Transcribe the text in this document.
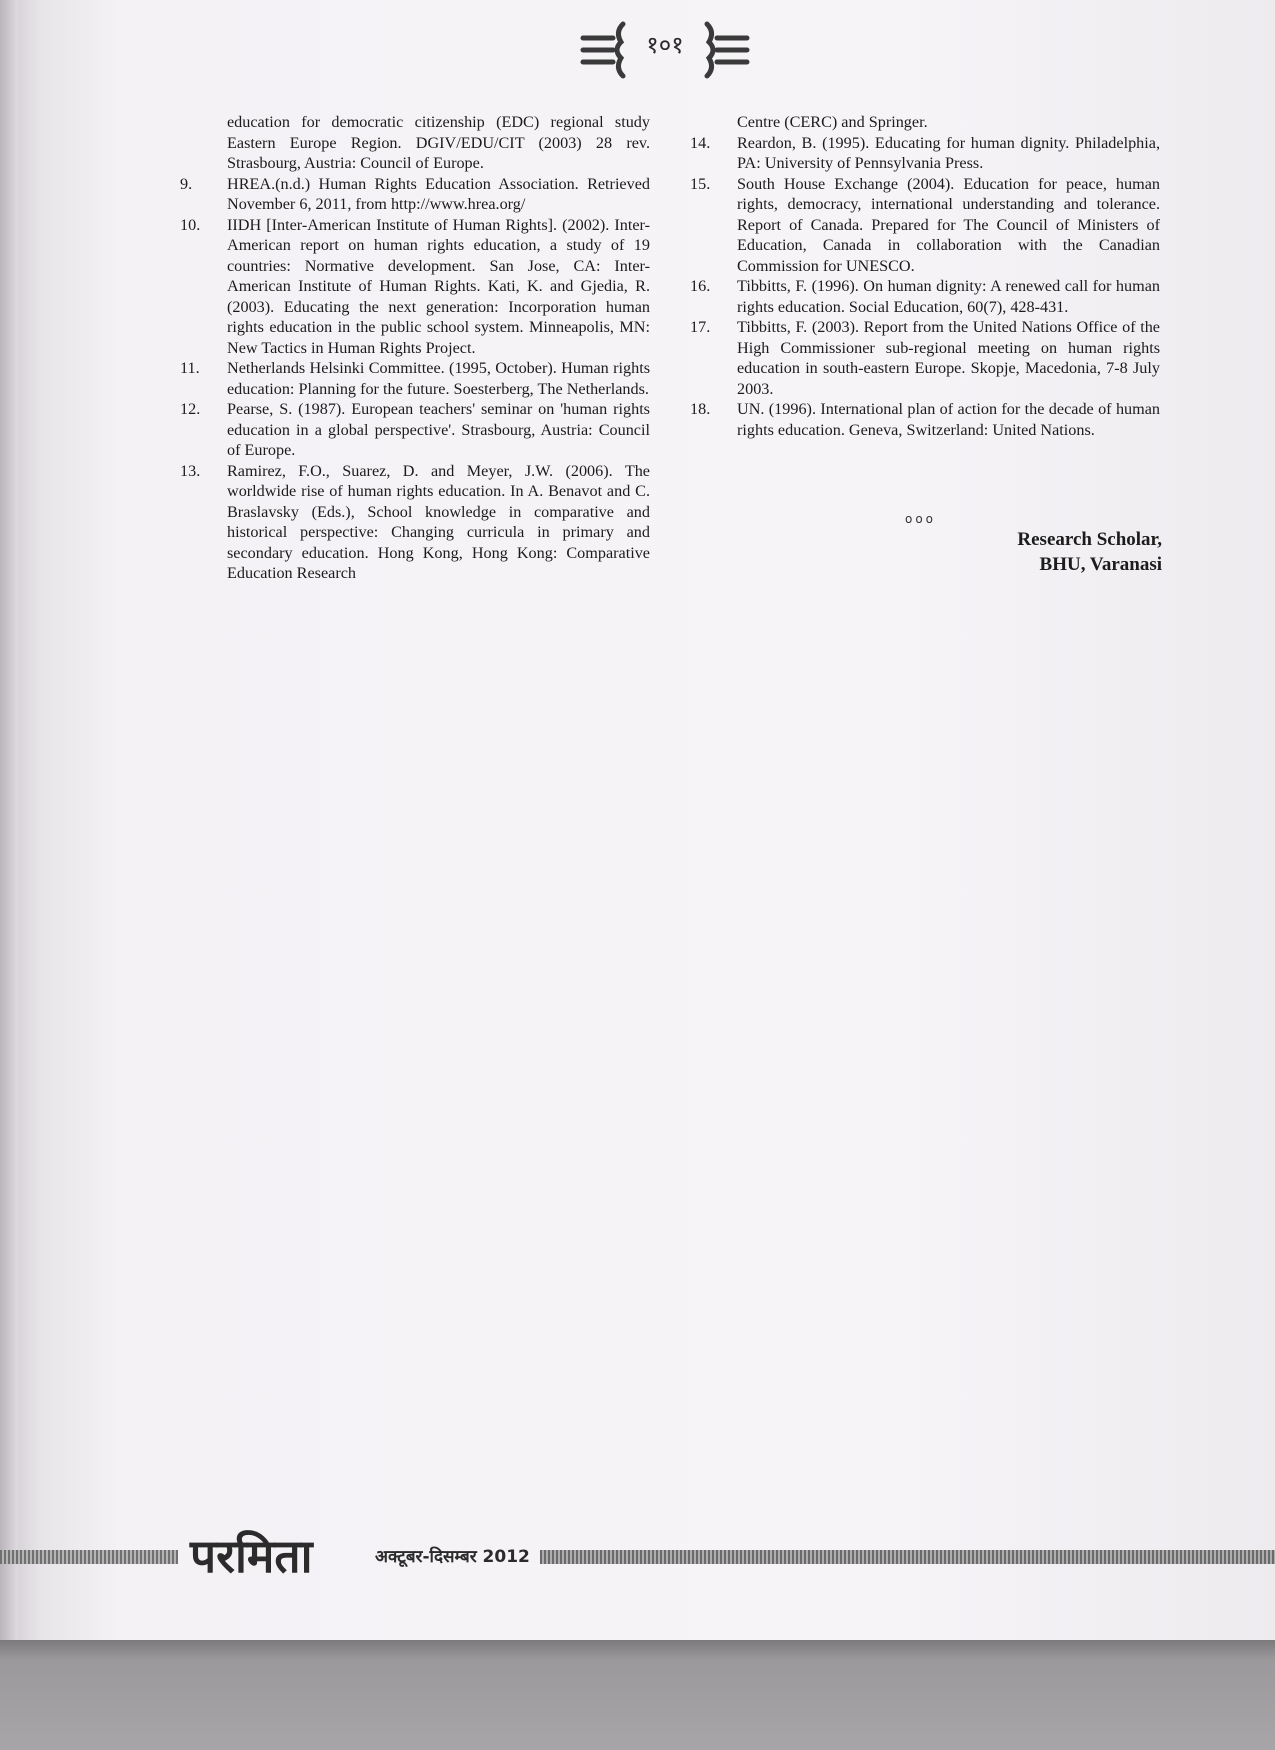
१०१

education for democratic citizenship (EDC) regional study Eastern Europe Region. DGIV/EDU/CIT (2003) 28 rev. Strasbourg, Austria: Council of Europe.

9. HREA.(n.d.) Human Rights Education Association. Retrieved November 6, 2011, from http://www.hrea.org/

10. IIDH [Inter-American Institute of Human Rights]. (2002). Inter-American report on human rights education, a study of 19 countries: Normative development. San Jose, CA: Inter-American Institute of Human Rights. Kati, K. and Gjedia, R. (2003). Educating the next generation: Incorporation human rights education in the public school system. Minneapolis, MN: New Tactics in Human Rights Project.

11. Netherlands Helsinki Committee. (1995, October). Human rights education: Planning for the future. Soesterberg, The Netherlands.

12. Pearse, S. (1987). European teachers' seminar on 'human rights education in a global perspective'. Strasbourg, Austria: Council of Europe.

13. Ramirez, F.O., Suarez, D. and Meyer, J.W. (2006). The worldwide rise of human rights education. In A. Benavot and C. Braslavsky (Eds.), School knowledge in comparative and historical perspective: Changing curricula in primary and secondary education. Hong Kong, Hong Kong: Comparative Education Research

Centre (CERC) and Springer.

14. Reardon, B. (1995). Educating for human dignity. Philadelphia, PA: University of Pennsylvania Press.

15. South House Exchange (2004). Education for peace, human rights, democracy, international understanding and tolerance. Report of Canada. Prepared for The Council of Ministers of Education, Canada in collaboration with the Canadian Commission for UNESCO.

16. Tibbitts, F. (1996). On human dignity: A renewed call for human rights education. Social Education, 60(7), 428-431.

17. Tibbitts, F. (2003). Report from the United Nations Office of the High Commissioner sub-regional meeting on human rights education in south-eastern Europe. Skopje, Macedonia, 7-8 July 2003.

18. UN. (1996). International plan of action for the decade of human rights education. Geneva, Switzerland: United Nations.

ooo
Research Scholar,
BHU, Varanasi
परमिता	अक्टूबर-दिसम्बर 2012
